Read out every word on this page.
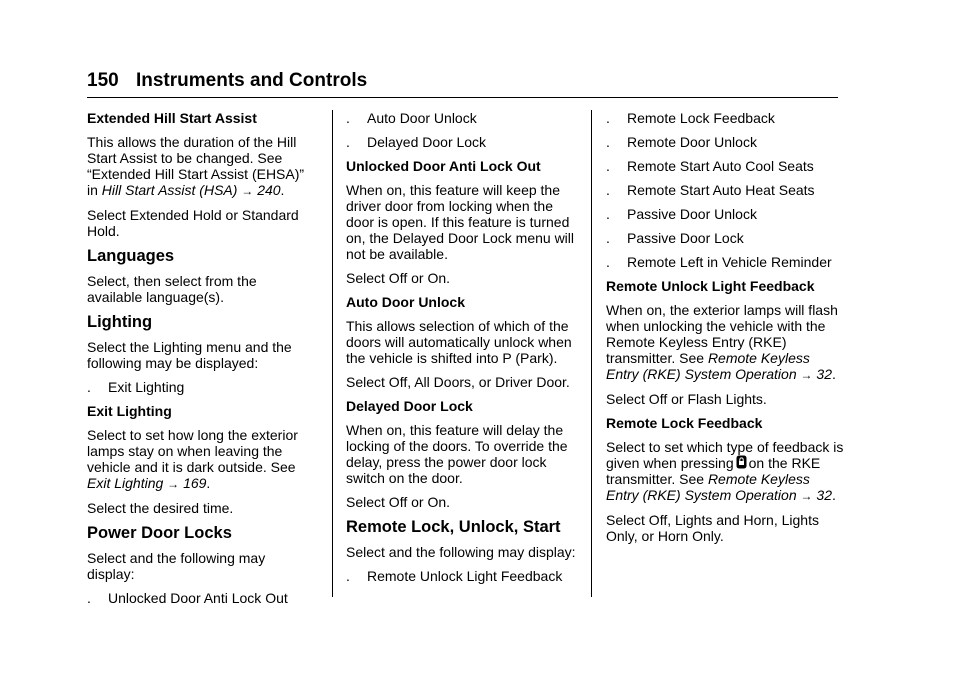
150 Instruments and Controls
Extended Hill Start Assist

This allows the duration of the Hill Start Assist to be changed. See “Extended Hill Start Assist (EHSA)” in Hill Start Assist (HSA) → 240.

Select Extended Hold or Standard Hold.

Languages

Select, then select from the available language(s).

Lighting

Select the Lighting menu and the following may be displayed:

. Exit Lighting
Exit Lighting

Select to set how long the exterior lamps stay on when leaving the vehicle and it is dark outside. See Exit Lighting → 169.

Select the desired time.

Power Door Locks

Select and the following may display:

. Unlocked Door Anti Lock Out
. Auto Door Unlock
. Delayed Door Lock
Unlocked Door Anti Lock Out

When on, this feature will keep the driver door from locking when the door is open. If this feature is turned on, the Delayed Door Lock menu will not be available.

Select Off or On.

Auto Door Unlock

This allows selection of which of the doors will automatically unlock when the vehicle is shifted into P (Park).

Select Off, All Doors, or Driver Door.

Delayed Door Lock

When on, this feature will delay the locking of the doors. To override the delay, press the power door lock switch on the door.

Select Off or On.

Remote Lock, Unlock, Start

Select and the following may display:

. Remote Unlock Light Feedback
. Remote Lock Feedback
. Remote Door Unlock
. Remote Start Auto Cool Seats
. Remote Start Auto Heat Seats
. Passive Door Unlock
. Passive Door Lock
. Remote Left in Vehicle Reminder
Remote Unlock Light Feedback

When on, the exterior lamps will flash when unlocking the vehicle with the Remote Keyless Entry (RKE) transmitter. See Remote Keyless Entry (RKE) System Operation → 32.

Select Off or Flash Lights.

Remote Lock Feedback

Select to set which type of feedback is given when pressing on the RKE transmitter. See Remote Keyless Entry (RKE) System Operation → 32.

Select Off, Lights and Horn, Lights Only, or Horn Only.
